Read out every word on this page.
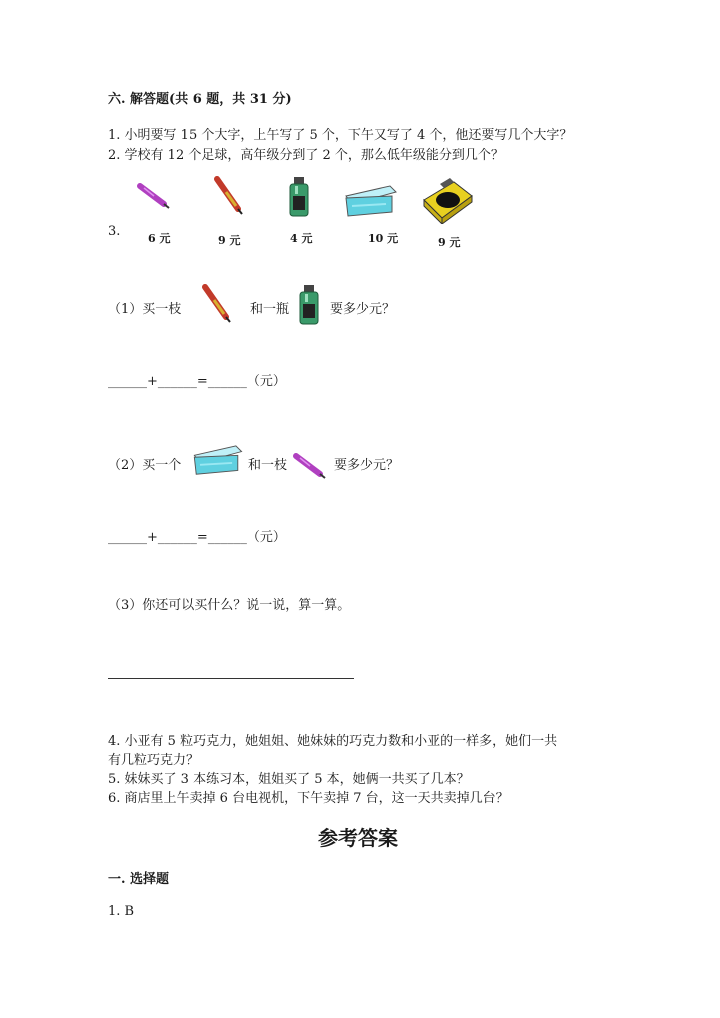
六. 解答题(共 6 题，共 31 分)
1. 小明要写 15 个大字，上午写了 5 个，下午又写了 4 个，他还要写几个大字？
2. 学校有 12 个足球，高年级分到了 2 个，那么低年级能分到几个？
3.	6 元	9 元	4 元	10 元	9 元
（1）买一枝	和一瓶	要多少元？
______+______=______（元）
（2）买一个	和一枝	要多少元？
______+______=______（元）
（3）你还可以买什么？说一说，算一算。
4. 小亚有 5 粒巧克力，她姐姐、她妹妹的巧克力数和小亚的一样多，她们一共
有几粒巧克力？
5. 妹妹买了 3 本练习本，姐姐买了 5 本，她俩一共买了几本？
6. 商店里上午卖掉 6 台电视机，下午卖掉 7 台，这一天共卖掉几台？
参考答案
一. 选择题
1. B
